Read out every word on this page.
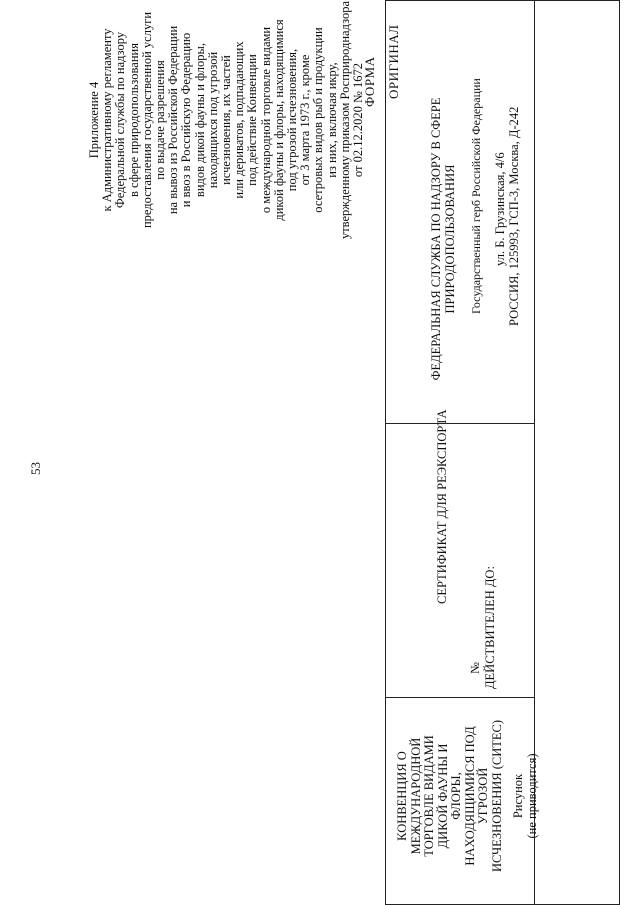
53
Приложение 4 к Административному регламенту Федеральной службы по надзору в сфере природопользования предоставления государственной услуги по выдаче разрешения на вывоз из Российской Федерации и ввоз в Российскую Федерацию видов дикой фауны и флоры, находящихся под угрозой исчезновения, их частей или дериватов, подпадающих под действие Конвенции о международной торговле видами дикой фауны и флоры, находящимися под угрозой исчезновения, от 3 марта 1973 г., кроме осетровых видов рыб и продукции из них, включая икру, утвержденному приказом Росприроднадзора от 02.12.2020 № 1672
ФОРМА ОРИГИНАЛ
КОНВЕНЦИЯ О МЕЖДУНАРОДНОЙ ТОРГОВЛЕ ВИДАМИ ДИКОЙ ФАУНЫ И ФЛОРЫ, НАХОДЯЩИМИСЯ ПОД УГРОЗОЙ ИСЧЕЗНОВЕНИЯ (СИТЕС) Рисунок (не приводится)
СЕРТИФИКАТ ДЛЯ РЕЭКСПОРТА
№ ДЕЙСТВИТЕЛЕН ДО:
ФЕДЕРАЛЬНАЯ СЛУЖБА ПО НАДЗОРУ В СФЕРЕ ПРИРОДОПОЛЬЗОВАНИЯ Государственный герб Российской Федерации ул. Б. Грузинская, 4/6 РОССИЯ, 125993, ГСП-3, Москва, Д-242
